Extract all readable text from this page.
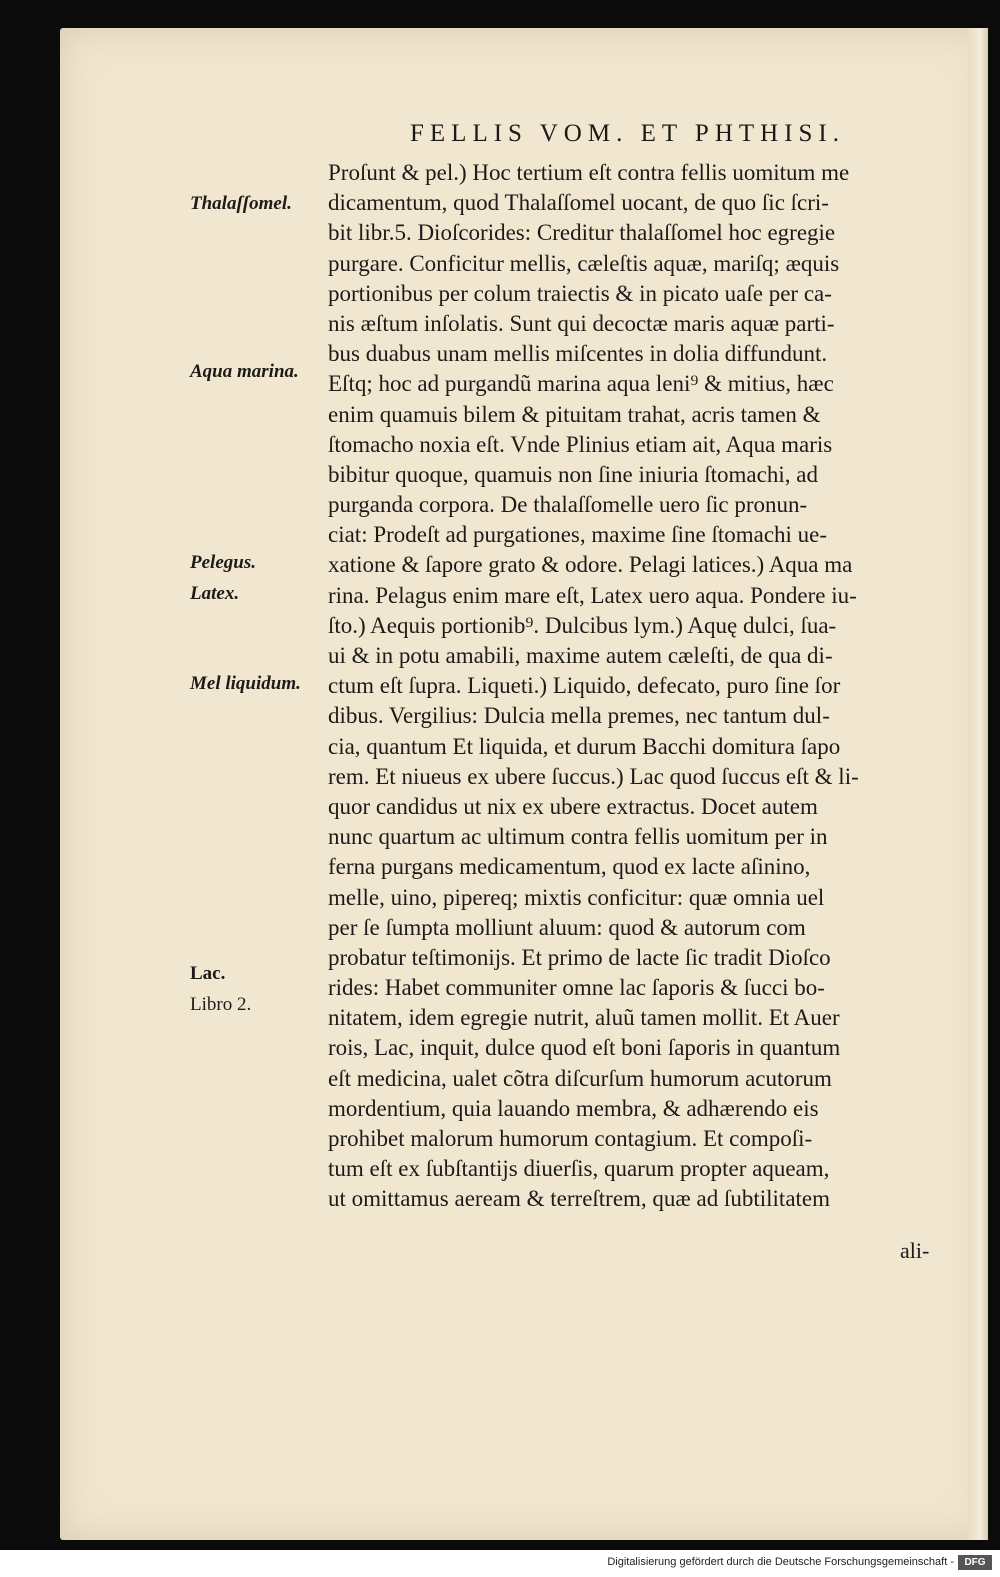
FELLIS VOM. ET PHTHISI.
Thalaſſomel.
Aqua marina.
Pelegus.
Latex.
Mel liquidum.
Lac.
Libro 2.
Proſunt & pel.) Hoc tertium eſt contra fellis uomitum me
dicamentum, quod Thalaſſomel uocant, de quo ſic ſcri-
bit libr.5. Dioſcorides: Creditur thalaſſomel hoc egregie
purgare. Conficitur mellis, cæleſtis aquæ, mariſq; æquis
portionibus per colum traiectis & in picato uaſe per ca-
nis æſtum inſolatis. Sunt qui decoctæ maris aquæ parti-
bus duabus unam mellis miſcentes in dolia diffundunt.
Eſtq; hoc ad purgandũ marina aqua leni⁹ & mitius, hæc
enim quamuis bilem & pituitam trahat, acris tamen &
ſtomacho noxia eſt. Vnde Plinius etiam ait, Aqua maris
bibitur quoque, quamuis non ſine iniuria ſtomachi, ad
purganda corpora. De thalaſſomelle uero ſic pronun-
ciat: Prodeſt ad purgationes, maxime ſine ſtomachi ue-
xatione & ſapore grato & odore. Pelagi latices.) Aqua ma
rina. Pelagus enim mare eſt, Latex uero aqua. Pondere iu-
ſto.) Aequis portionib⁹. Dulcibus lym.) Aquę dulci, ſua-
ui & in potu amabili, maxime autem cæleſti, de qua di-
ctum eſt ſupra. Liqueti.) Liquido, defecato, puro ſine ſor
dibus. Vergilius: Dulcia mella premes, nec tantum dul-
cia, quantum Et liquida, et durum Bacchi domitura ſapo
rem. Et niueus ex ubere ſuccus.) Lac quod ſuccus eſt & li-
quor candidus ut nix ex ubere extractus. Docet autem
nunc quartum ac ultimum contra fellis uomitum per in
ferna purgans medicamentum, quod ex lacte aſinino,
melle, uino, pipereq; mixtis conficitur: quæ omnia uel
per ſe ſumpta molliunt aluum: quod & autorum com
probatur teſtimonijs. Et primo de lacte ſic tradit Dioſco
rides: Habet communiter omne lac ſaporis & ſucci bo-
nitatem, idem egregie nutrit, aluũ tamen mollit. Et Auer
rois, Lac, inquit, dulce quod eſt boni ſaporis in quantum
eſt medicina, ualet cõtra diſcurſum humorum acutorum
mordentium, quia lauando membra, & adhærendo eis
prohibet malorum humorum contagium. Et compoſi-
tum eſt ex ſubſtantijs diuerſis, quarum propter aqueam,
ut omittamus aeream & terreſtrem, quæ ad ſubtilitatem
ali-
Digitalisierung gefördert durch die Deutsche Forschungsgemeinschaft -	DFG
